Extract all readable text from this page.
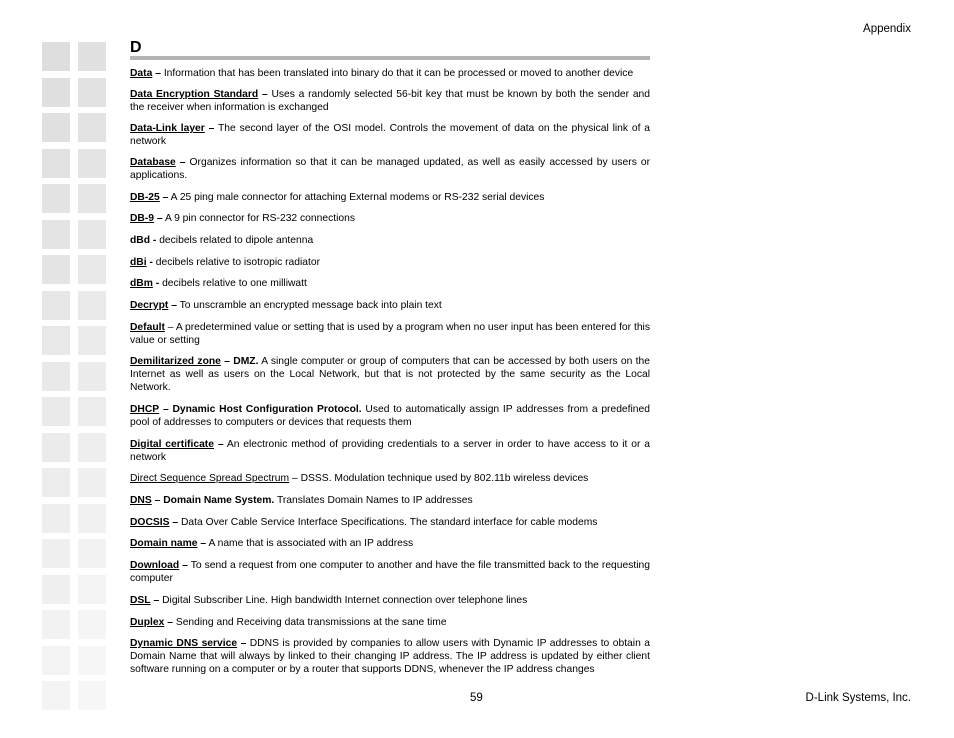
Appendix
D

Data – Information that has been translated into binary do that it can be processed or moved to another device

Data Encryption Standard – Uses a randomly selected 56-bit key that must be known by both the sender and the receiver when information is exchanged

Data-Link layer – The second layer of the OSI model. Controls the movement of data on the physical link of a network

Database – Organizes information so that it can be managed updated, as well as easily accessed by users or applications.

DB-25 – A 25 ping male connector for attaching External modems or RS-232 serial devices

DB-9 – A 9 pin connector for RS-232 connections

dBd - decibels related to dipole antenna

dBi - decibels relative to isotropic radiator

dBm - decibels relative to one milliwatt

Decrypt – To unscramble an encrypted message back into plain text

Default – A predetermined value or setting that is used by a program when no user input has been entered for this value or setting

Demilitarized zone – DMZ. A single computer or group of computers that can be accessed by both users on the Internet as well as users on the Local Network, but that is not protected by the same security as the Local Network.

DHCP – Dynamic Host Configuration Protocol. Used to automatically assign IP addresses from a predefined pool of addresses to computers or devices that requests them

Digital certificate – An electronic method of providing credentials to a server in order to have access to it or a network

Direct Sequence Spread Spectrum – DSSS. Modulation technique used by 802.11b wireless devices

DNS – Domain Name System. Translates Domain Names to IP addresses

DOCSIS – Data Over Cable Service Interface Specifications. The standard interface for cable modems

Domain name – A name that is associated with an IP address

Download – To send a request from one computer to another and have the file transmitted back to the requesting computer

DSL – Digital Subscriber Line. High bandwidth Internet connection over telephone lines

Duplex – Sending and Receiving data transmissions at the sane time

Dynamic DNS service – DDNS is provided by companies to allow users with Dynamic IP addresses to obtain a Domain Name that will always by linked to their changing IP address. The IP address is updated by either client software running on a computer or by a router that supports DDNS, whenever the IP address changes

59	D-Link Systems, Inc.
